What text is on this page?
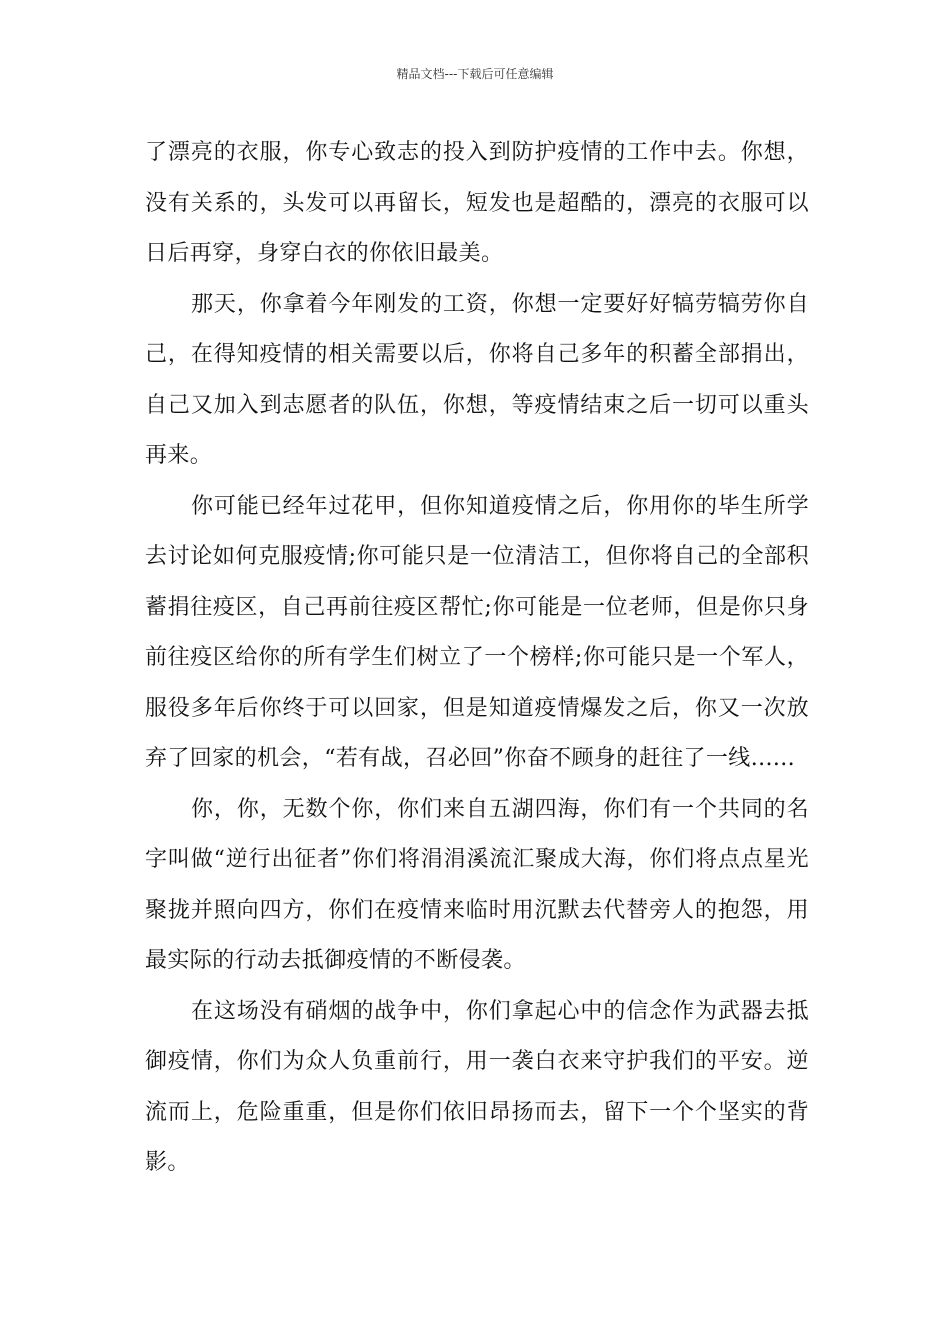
精品文档---下载后可任意编辑

了漂亮的衣服，你专心致志的投入到防护疫情的工作中去。你想，没有关系的，头发可以再留长，短发也是超酷的，漂亮的衣服可以日后再穿，身穿白衣的你依旧最美。

那天，你拿着今年刚发的工资，你想一定要好好犒劳犒劳你自己，在得知疫情的相关需要以后，你将自己多年的积蓄全部捐出，自己又加入到志愿者的队伍，你想，等疫情结束之后一切可以重头再来。

你可能已经年过花甲，但你知道疫情之后，你用你的毕生所学去讨论如何克服疫情;你可能只是一位清洁工，但你将自己的全部积蓄捐往疫区，自己再前往疫区帮忙;你可能是一位老师，但是你只身前往疫区给你的所有学生们树立了一个榜样;你可能只是一个军人，服役多年后你终于可以回家，但是知道疫情爆发之后，你又一次放弃了回家的机会，“若有战，召必回”你奋不顾身的赶往了一线......

你，你，无数个你，你们来自五湖四海，你们有一个共同的名字叫做“逆行出征者”你们将涓涓溪流汇聚成大海，你们将点点星光聚拢并照向四方，你们在疫情来临时用沉默去代替旁人的抱怨，用最实际的行动去抵御疫情的不断侵袭。

在这场没有硝烟的战争中，你们拿起心中的信念作为武器去抵御疫情，你们为众人负重前行，用一袭白衣来守护我们的平安。逆流而上，危险重重，但是你们依旧昂扬而去，留下一个个坚实的背影。
